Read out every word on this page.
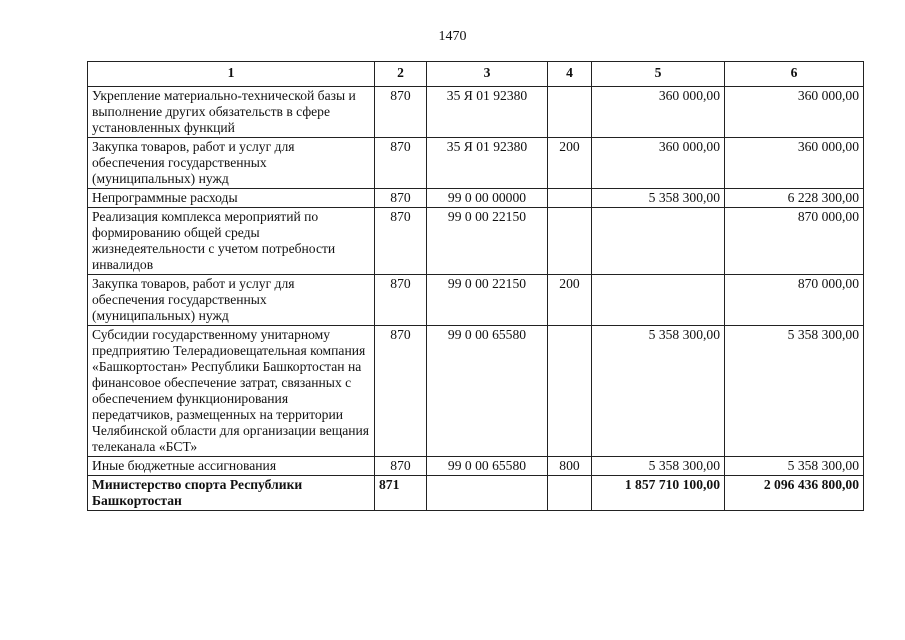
1470
1	2	3	4	5	6
Укрепление материально-технической базы и выполнение других обязательств в сфере установленных функций	870	35 Я 01 92380		360 000,00	360 000,00
Закупка товаров, работ и услуг для обеспечения государственных (муниципальных) нужд	870	35 Я 01 92380	200	360 000,00	360 000,00
Непрограммные расходы	870	99 0 00 00000		5 358 300,00	6 228 300,00
Реализация комплекса мероприятий по формированию общей среды жизнедеятельности с учетом потребности инвалидов	870	99 0 00 22150			870 000,00
Закупка товаров, работ и услуг для обеспечения государственных (муниципальных) нужд	870	99 0 00 22150	200		870 000,00
Субсидии государственному унитарному предприятию Телерадиовещательная компания «Башкортостан» Республики Башкортостан на финансовое обеспечение затрат, связанных с обеспечением функционирования передатчиков, размещенных на территории Челябинской области для организации вещания телеканала «БСТ»	870	99 0 00 65580		5 358 300,00	5 358 300,00
Иные бюджетные ассигнования	870	99 0 00 65580	800	5 358 300,00	5 358 300,00
Министерство спорта Республики Башкортостан	871			1 857 710 100,00	2 096 436 800,00
